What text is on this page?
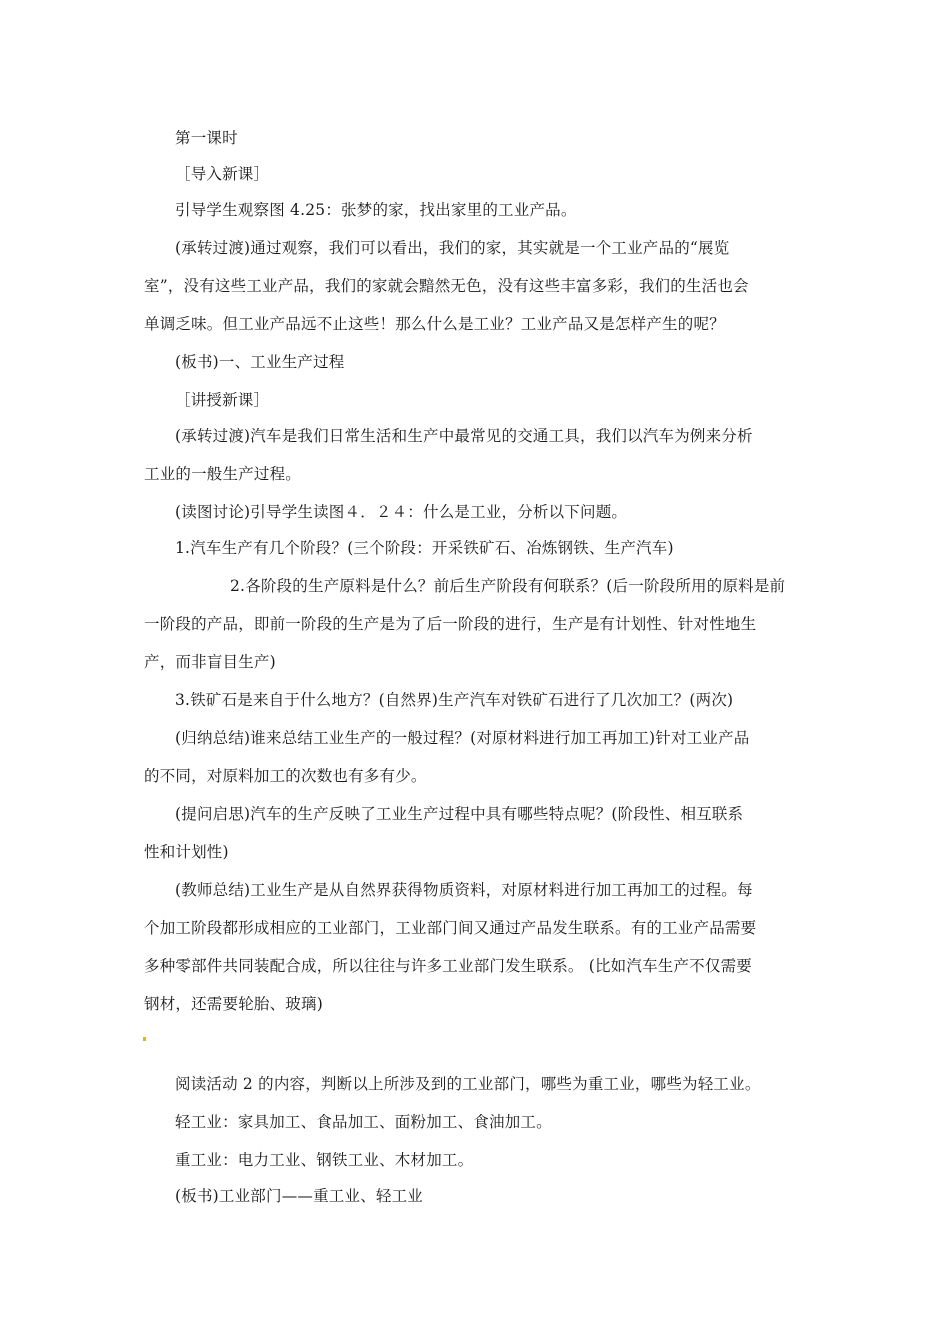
第一课时
［导入新课］
引导学生观察图 4.25：张梦的家，找出家里的工业产品。
(承转过渡)通过观察，我们可以看出，我们的家，其实就是一个工业产品的“展览
室”，没有这些工业产品，我们的家就会黯然无色，没有这些丰富多彩，我们的生活也会
单调乏味。但工业产品远不止这些！那么什么是工业？工业产品又是怎样产生的呢？
(板书)一、工业生产过程
［讲授新课］
(承转过渡)汽车是我们日常生活和生产中最常见的交通工具，我们以汽车为例来分析
工业的一般生产过程。
(读图讨论)引导学生读图４．２４：什么是工业，分析以下问题。
1.汽车生产有几个阶段？(三个阶段：开采铁矿石、冶炼钢铁、生产汽车)
2.各阶段的生产原料是什么？前后生产阶段有何联系？(后一阶段所用的原料是前
一阶段的产品，即前一阶段的生产是为了后一阶段的进行，生产是有计划性、针对性地生
产，而非盲目生产)
3.铁矿石是来自于什么地方？(自然界)生产汽车对铁矿石进行了几次加工？(两次)
(归纳总结)谁来总结工业生产的一般过程？(对原材料进行加工再加工)针对工业产品
的不同，对原料加工的次数也有多有少。
(提问启思)汽车的生产反映了工业生产过程中具有哪些特点呢？(阶段性、相互联系
性和计划性)
(教师总结)工业生产是从自然界获得物质资料，对原材料进行加工再加工的过程。每
个加工阶段都形成相应的工业部门，工业部门间又通过产品发生联系。有的工业产品需要
多种零部件共同装配合成，所以往往与许多工业部门发生联系。 (比如汽车生产不仅需要
钢材，还需要轮胎、玻璃)
阅读活动 2 的内容，判断以上所涉及到的工业部门，哪些为重工业，哪些为轻工业。
轻工业：家具加工、食品加工、面粉加工、食油加工。
重工业：电力工业、钢铁工业、木材加工。
(板书)工业部门——重工业、轻工业
